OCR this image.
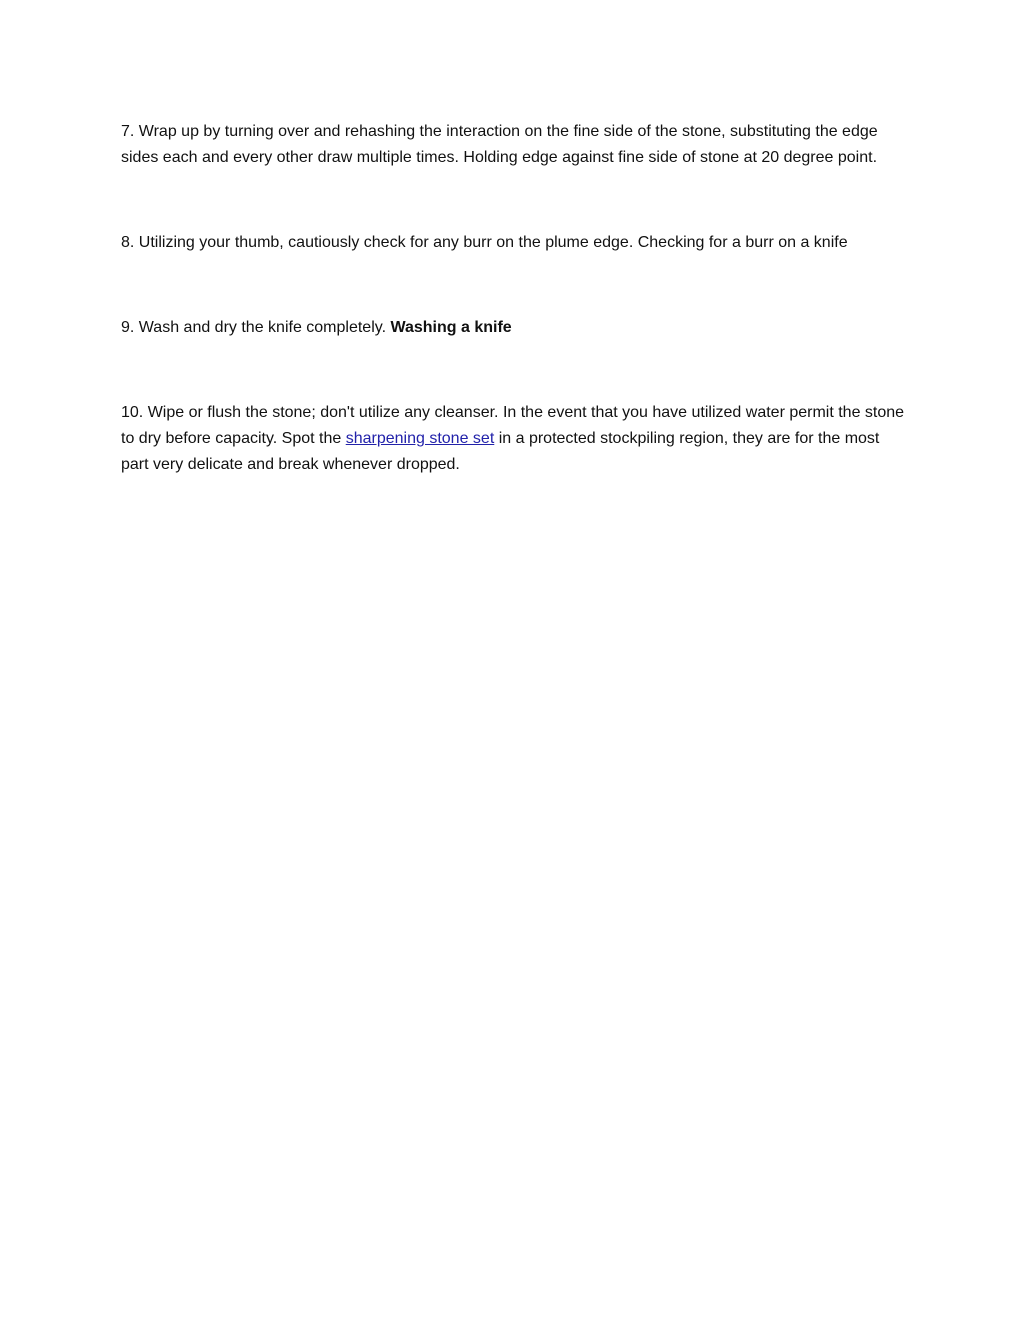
7. Wrap up by turning over and rehashing the interaction on the fine side of the stone, substituting the edge sides each and every other draw multiple times. Holding edge against fine side of stone at 20 degree point.

8. Utilizing your thumb, cautiously check for any burr on the plume edge. Checking for a burr on a knife

9. Wash and dry the knife completely. Washing a knife

10. Wipe or flush the stone; don't utilize any cleanser. In the event that you have utilized water permit the stone to dry before capacity. Spot the sharpening stone set in a protected stockpiling region, they are for the most part very delicate and break whenever dropped.
